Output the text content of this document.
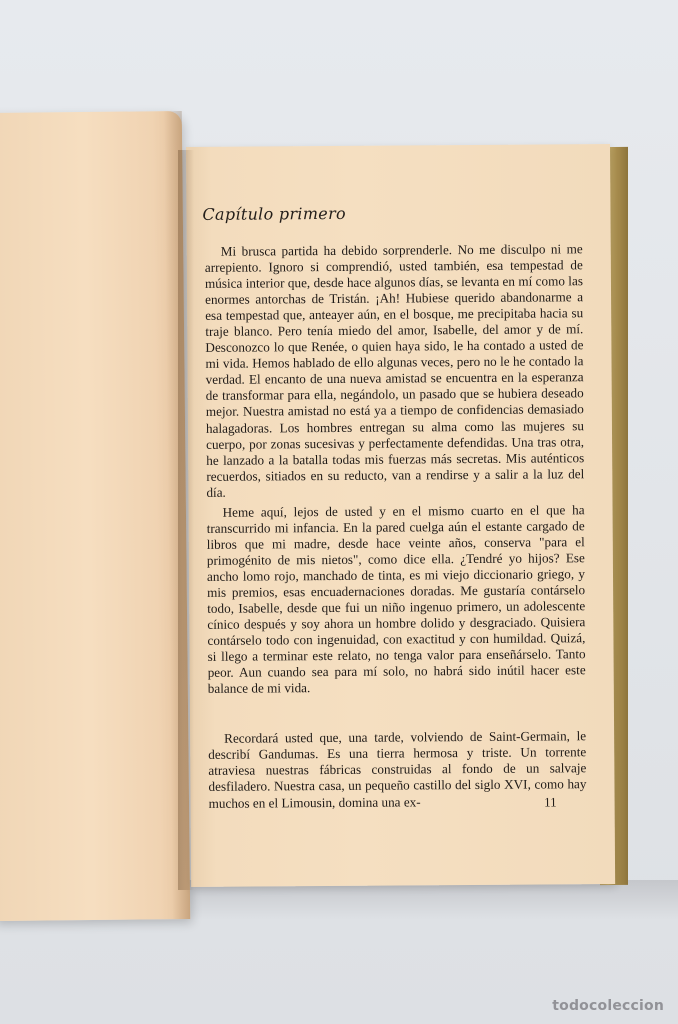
Capítulo primero

Mi brusca partida ha debido sorprenderle. No me disculpo ni me arrepiento. Ignoro si comprendió, usted también, esa tempestad de música interior que, desde hace algunos días, se levanta en mí como las enormes antorchas de Tristán. ¡Ah! Hubiese querido abandonarme a esa tempestad que, anteayer aún, en el bosque, me precipitaba hacia su traje blanco. Pero tenía miedo del amor, Isabelle, del amor y de mí. Desconozco lo que Renée, o quien haya sido, le ha contado a usted de mi vida. Hemos hablado de ello algunas veces, pero no le he contado la verdad. El encanto de una nueva amistad se encuentra en la esperanza de transformar para ella, negándolo, un pasado que se hubiera deseado mejor. Nuestra amistad no está ya a tiempo de confidencias demasiado halagadoras. Los hombres entregan su alma como las mujeres su cuerpo, por zonas sucesivas y perfectamente defendidas. Una tras otra, he lanzado a la batalla todas mis fuerzas más secretas. Mis auténticos recuerdos, sitiados en su reducto, van a rendirse y a salir a la luz del día.

Heme aquí, lejos de usted y en el mismo cuarto en el que ha transcurrido mi infancia. En la pared cuelga aún el estante cargado de libros que mi madre, desde hace veinte años, conserva "para el primogénito de mis nietos", como dice ella. ¿Tendré yo hijos? Ese ancho lomo rojo, manchado de tinta, es mi viejo diccionario griego, y mis premios, esas encuadernaciones doradas. Me gustaría contárselo todo, Isabelle, desde que fui un niño ingenuo primero, un adolescente cínico después y soy ahora un hombre dolido y desgraciado. Quisiera contárselo todo con ingenuidad, con exactitud y con humildad. Quizá, si llego a terminar este relato, no tenga valor para enseñárselo. Tanto peor. Aun cuando sea para mí solo, no habrá sido inútil hacer este balance de mi vida.

Recordará usted que, una tarde, volviendo de Saint-Germain, le describí Gandumas. Es una tierra hermosa y triste. Un torrente atraviesa nuestras fábricas construidas al fondo de un salvaje desfiladero. Nuestra casa, un pequeño castillo del siglo XVI, como hay muchos en el Limousin, domina una ex-	11
todocoleccion
